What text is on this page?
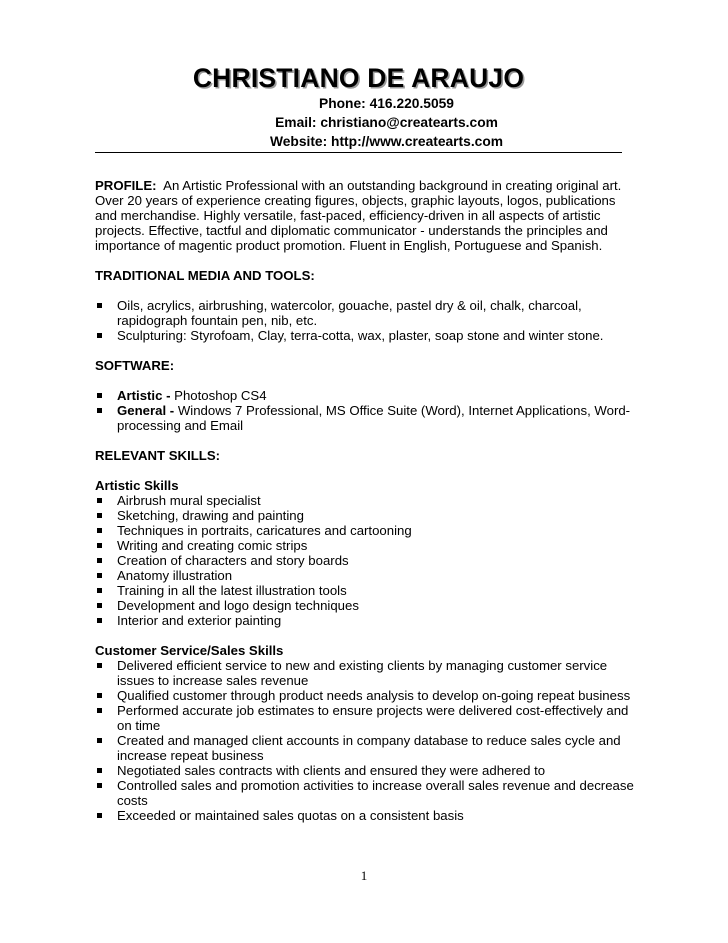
CHRISTIANO DE ARAUJO

Phone: 416.220.5059
Email: christiano@createarts.com
Website: http://www.createarts.com

PROFILE: An Artistic Professional with an outstanding background in creating original art.
Over 20 years of experience creating figures, objects, graphic layouts, logos, publications
and merchandise. Highly versatile, fast-paced, efficiency-driven in all aspects of artistic
projects. Effective, tactful and diplomatic communicator - understands the principles and
importance of magentic product promotion. Fluent in English, Portuguese and Spanish.

TRADITIONAL MEDIA AND TOOLS:

Oils, acrylics, airbrushing, watercolor, gouache, pastel dry & oil, chalk, charcoal,
rapidograph fountain pen, nib, etc.
Sculpturing: Styrofoam, Clay, terra-cotta, wax, plaster, soap stone and winter stone.

SOFTWARE:

Artistic - Photoshop CS4
General - Windows 7 Professional, MS Office Suite (Word), Internet Applications, Word-
processing and Email

RELEVANT SKILLS:

Artistic Skills

Airbrush mural specialist
Sketching, drawing and painting
Techniques in portraits, caricatures and cartooning
Writing and creating comic strips
Creation of characters and story boards
Anatomy illustration
Training in all the latest illustration tools
Development and logo design techniques
Interior and exterior painting

Customer Service/Sales Skills

Delivered efficient service to new and existing clients by managing customer service
issues to increase sales revenue
Qualified customer through product needs analysis to develop on-going repeat business
Performed accurate job estimates to ensure projects were delivered cost-effectively and
on time
Created and managed client accounts in company database to reduce sales cycle and
increase repeat business
Negotiated sales contracts with clients and ensured they were adhered to
Controlled sales and promotion activities to increase overall sales revenue and decrease
costs
Exceeded or maintained sales quotas on a consistent basis
1
